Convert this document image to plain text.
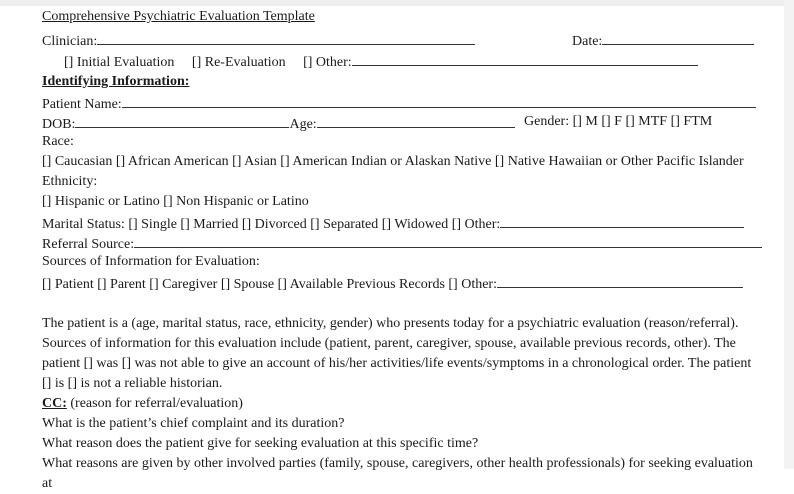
Comprehensive Psychiatric Evaluation Template
Clinician:	Date:
[] Initial Evaluation [] Re-Evaluation [] Other:
Identifying Information:
Patient Name:
DOB:	Age:	Gender: [] M [] F [] MTF [] FTM
Race:
[] Caucasian [] African American [] Asian [] American Indian or Alaskan Native [] Native Hawaiian or Other Pacific Islander
Ethnicity:
[] Hispanic or Latino [] Non Hispanic or Latino
Marital Status: [] Single [] Married [] Divorced [] Separated [] Widowed [] Other:
Referral Source:
Sources of Information for Evaluation:
[] Patient [] Parent [] Caregiver [] Spouse [] Available Previous Records [] Other:
The patient is a (age, marital status, race, ethnicity, gender) who presents today for a psychiatric evaluation (reason/referral).
Sources of information for this evaluation include (patient, parent, caregiver, spouse, available previous records, other). The
patient [] was [] was not able to give an account of his/her activities/life events/symptoms in a chronological order. The patient
[] is [] is not a reliable historian.
CC: (reason for referral/evaluation)
What is the patient’s chief complaint and its duration?
What reason does the patient give for seeking evaluation at this specific time?
What reasons are given by other involved parties (family, spouse, caregivers, other health professionals) for seeking evaluation at
